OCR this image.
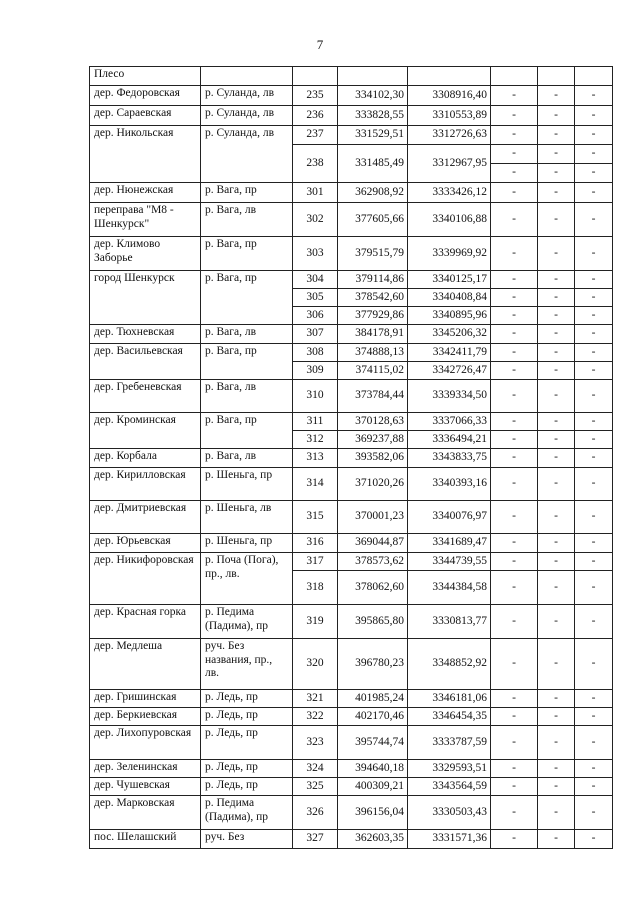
7
Плесо							
дер. Федоровская	р. Суланда, лв	235	334102,30	3308916,40	-	-	-
дер. Сараевская	р. Суланда, лв	236	333828,55	3310553,89	-	-	-
дер. Никольская	р. Суланда, лв	237	331529,51	3312726,63	-	-	-
		238	331485,49	3312967,95	-	-	-
					-	-	-
дер. Нюнежская	р. Вага, пр	301	362908,92	3333426,12	-	-	-
переправа "М8 - Шенкурск"	р. Вага, лв	302	377605,66	3340106,88	-	-	-
дер. Климово Заборье	р. Вага, пр	303	379515,79	3339969,92	-	-	-
город Шенкурск	р. Вага, пр	304	379114,86	3340125,17	-	-	-
		305	378542,60	3340408,84	-	-	-
		306	377929,86	3340895,96	-	-	-
дер. Тюхневская	р. Вага, лв	307	384178,91	3345206,32	-	-	-
дер. Васильевская	р. Вага, пр	308	374888,13	3342411,79	-	-	-
		309	374115,02	3342726,47	-	-	-
дер. Гребеневская	р. Вага, лв	310	373784,44	3339334,50	-	-	-
дер. Кроминская	р. Вага, пр	311	370128,63	3337066,33	-	-	-
		312	369237,88	3336494,21	-	-	-
дер. Корбала	р. Вага, лв	313	393582,06	3343833,75	-	-	-
дер. Кирилловская	р. Шеньга, пр	314	371020,26	3340393,16	-	-	-
дер. Дмитриевская	р. Шеньга, лв	315	370001,23	3340076,97	-	-	-
дер. Юрьевская	р. Шеньга, пр	316	369044,87	3341689,47	-	-	-
дер. Никифоровская	р. Поча (Пога), пр., лв.	317	378573,62	3344739,55	-	-	-
		318	378062,60	3344384,58	-	-	-
дер. Красная горка	р. Педима (Падима), пр	319	395865,80	3330813,77	-	-	-
дер. Медлеша	руч. Без названия, пр., лв.	320	396780,23	3348852,92	-	-	-
дер. Гришинская	р. Ледь, пр	321	401985,24	3346181,06	-	-	-
дер. Беркиевская	р. Ледь, пр	322	402170,46	3346454,35	-	-	-
дер. Лихопуровская	р. Ледь, пр	323	395744,74	3333787,59	-	-	-
дер. Зеленинская	р. Ледь, пр	324	394640,18	3329593,51	-	-	-
дер. Чушевская	р. Ледь, пр	325	400309,21	3343564,59	-	-	-
дер. Марковская	р. Педима (Падима), пр	326	396156,04	3330503,43	-	-	-
пос. Шелашский	руч. Без	327	362603,35	3331571,36	-	-	-
